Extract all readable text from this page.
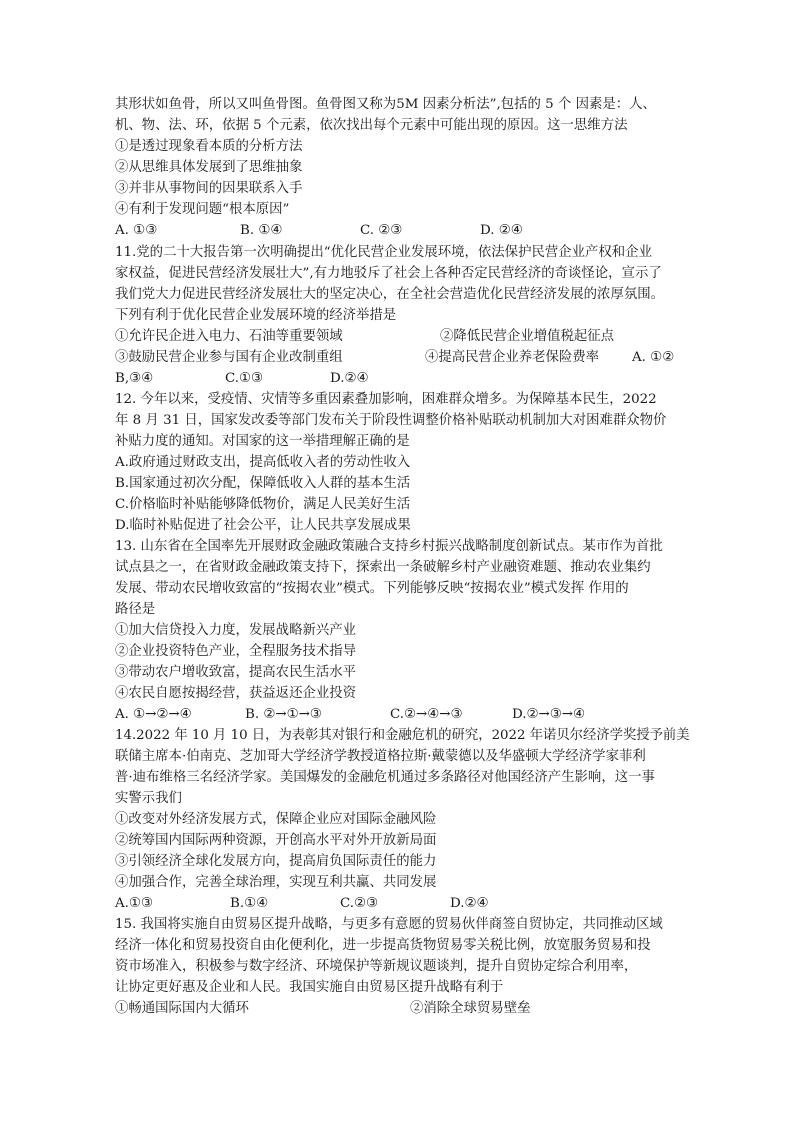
其形状如鱼骨，所以又叫鱼骨图。鱼骨图又称为5M 因素分析法”,包括的 5 个 因素是：人、
机、物、法、环，依据 5 个元素，依次找出每个元素中可能出现的原因。这一思维方法
①是透过现象看本质的分析方法
②从思维具体发展到了思维抽象
③并非从事物间的因果联系入手
④有利于发现问题“根本原因”
A. ①③	B. ①④	C. ②③	D. ②④
11.党的二十大报告第一次明确提出“优化民营企业发展环境，依法保护民营企业产权和企业
家权益，促进民营经济发展壮大”,有力地驳斥了社会上各种否定民营经济的奇谈怪论，宣示了
我们党大力促进民营经济发展壮大的坚定决心，在全社会营造优化民营经济发展的浓厚氛围。
下列有利于优化民营企业发展环境的经济举措是
①允许民企进入电力、石油等重要领域	②降低民营企业增值税起征点
③鼓励民营企业参与国有企业改制重组	④提高民营企业养老保险费率 A. ①②
B,③④	C.①③	D.②④
12. 今年以来，受疫情、灾情等多重因素叠加影响，困难群众增多。为保障基本民生，2022
年 8 月 31 日，国家发改委等部门发布关于阶段性调整价格补贴联动机制加大对困难群众物价
补贴力度的通知。对国家的这一举措理解正确的是
A.政府通过财政支出，提高低收入者的劳动性收入
B.国家通过初次分配，保障低收入人群的基本生活
C.价格临时补贴能够降低物价，满足人民美好生活
D.临时补贴促进了社会公平，让人民共享发展成果
13. 山东省在全国率先开展财政金融政策融合支持乡村振兴战略制度创新试点。某市作为首批
试点县之一，在省财政金融政策支持下，探索出一条破解乡村产业融资难题、推动农业集约
发展、带动农民增收致富的“按揭农业”模式。下列能够反映“按揭农业”模式发挥 作用的
路径是
①加大信贷投入力度，发展战略新兴产业
②企业投资特色产业，全程服务技术指导
③带动农户增收致富，提高农民生活水平
④农民自愿按揭经营，获益返还企业投资
A. ①→②→④	B. ②→①→③	C.②→④→③	D.②→③→④
14.2022 年 10 月 10 日，为表彰其对银行和金融危机的研究，2022 年诺贝尔经济学奖授予前美
联储主席本·伯南克、芝加哥大学经济学教授道格拉斯·戴蒙德以及华盛顿大学经济学家菲利
普·迪布维格三名经济学家。美国爆发的金融危机通过多条路径对他国经济产生影响，这一事
实警示我们
①改变对外经济发展方式，保障企业应对国际金融风险
②统筹国内国际两种资源，开创高水平对外开放新局面
③引领经济全球化发展方向，提高肩负国际责任的能力
④加强合作，完善全球治理，实现互利共赢、共同发展
A.①③	B.①④	C.②③	D.②④
15. 我国将实施自由贸易区提升战略，与更多有意愿的贸易伙伴商签自贸协定，共同推动区域
经济一体化和贸易投资自由化便利化，进一步提高货物贸易零关税比例，放宽服务贸易和投
资市场准入，积极参与数字经济、环境保护等新规议题谈判，提升自贸协定综合利用率，
让协定更好惠及企业和人民。我国实施自由贸易区提升战略有利于
①畅通国际国内大循环	②消除全球贸易壁垒
